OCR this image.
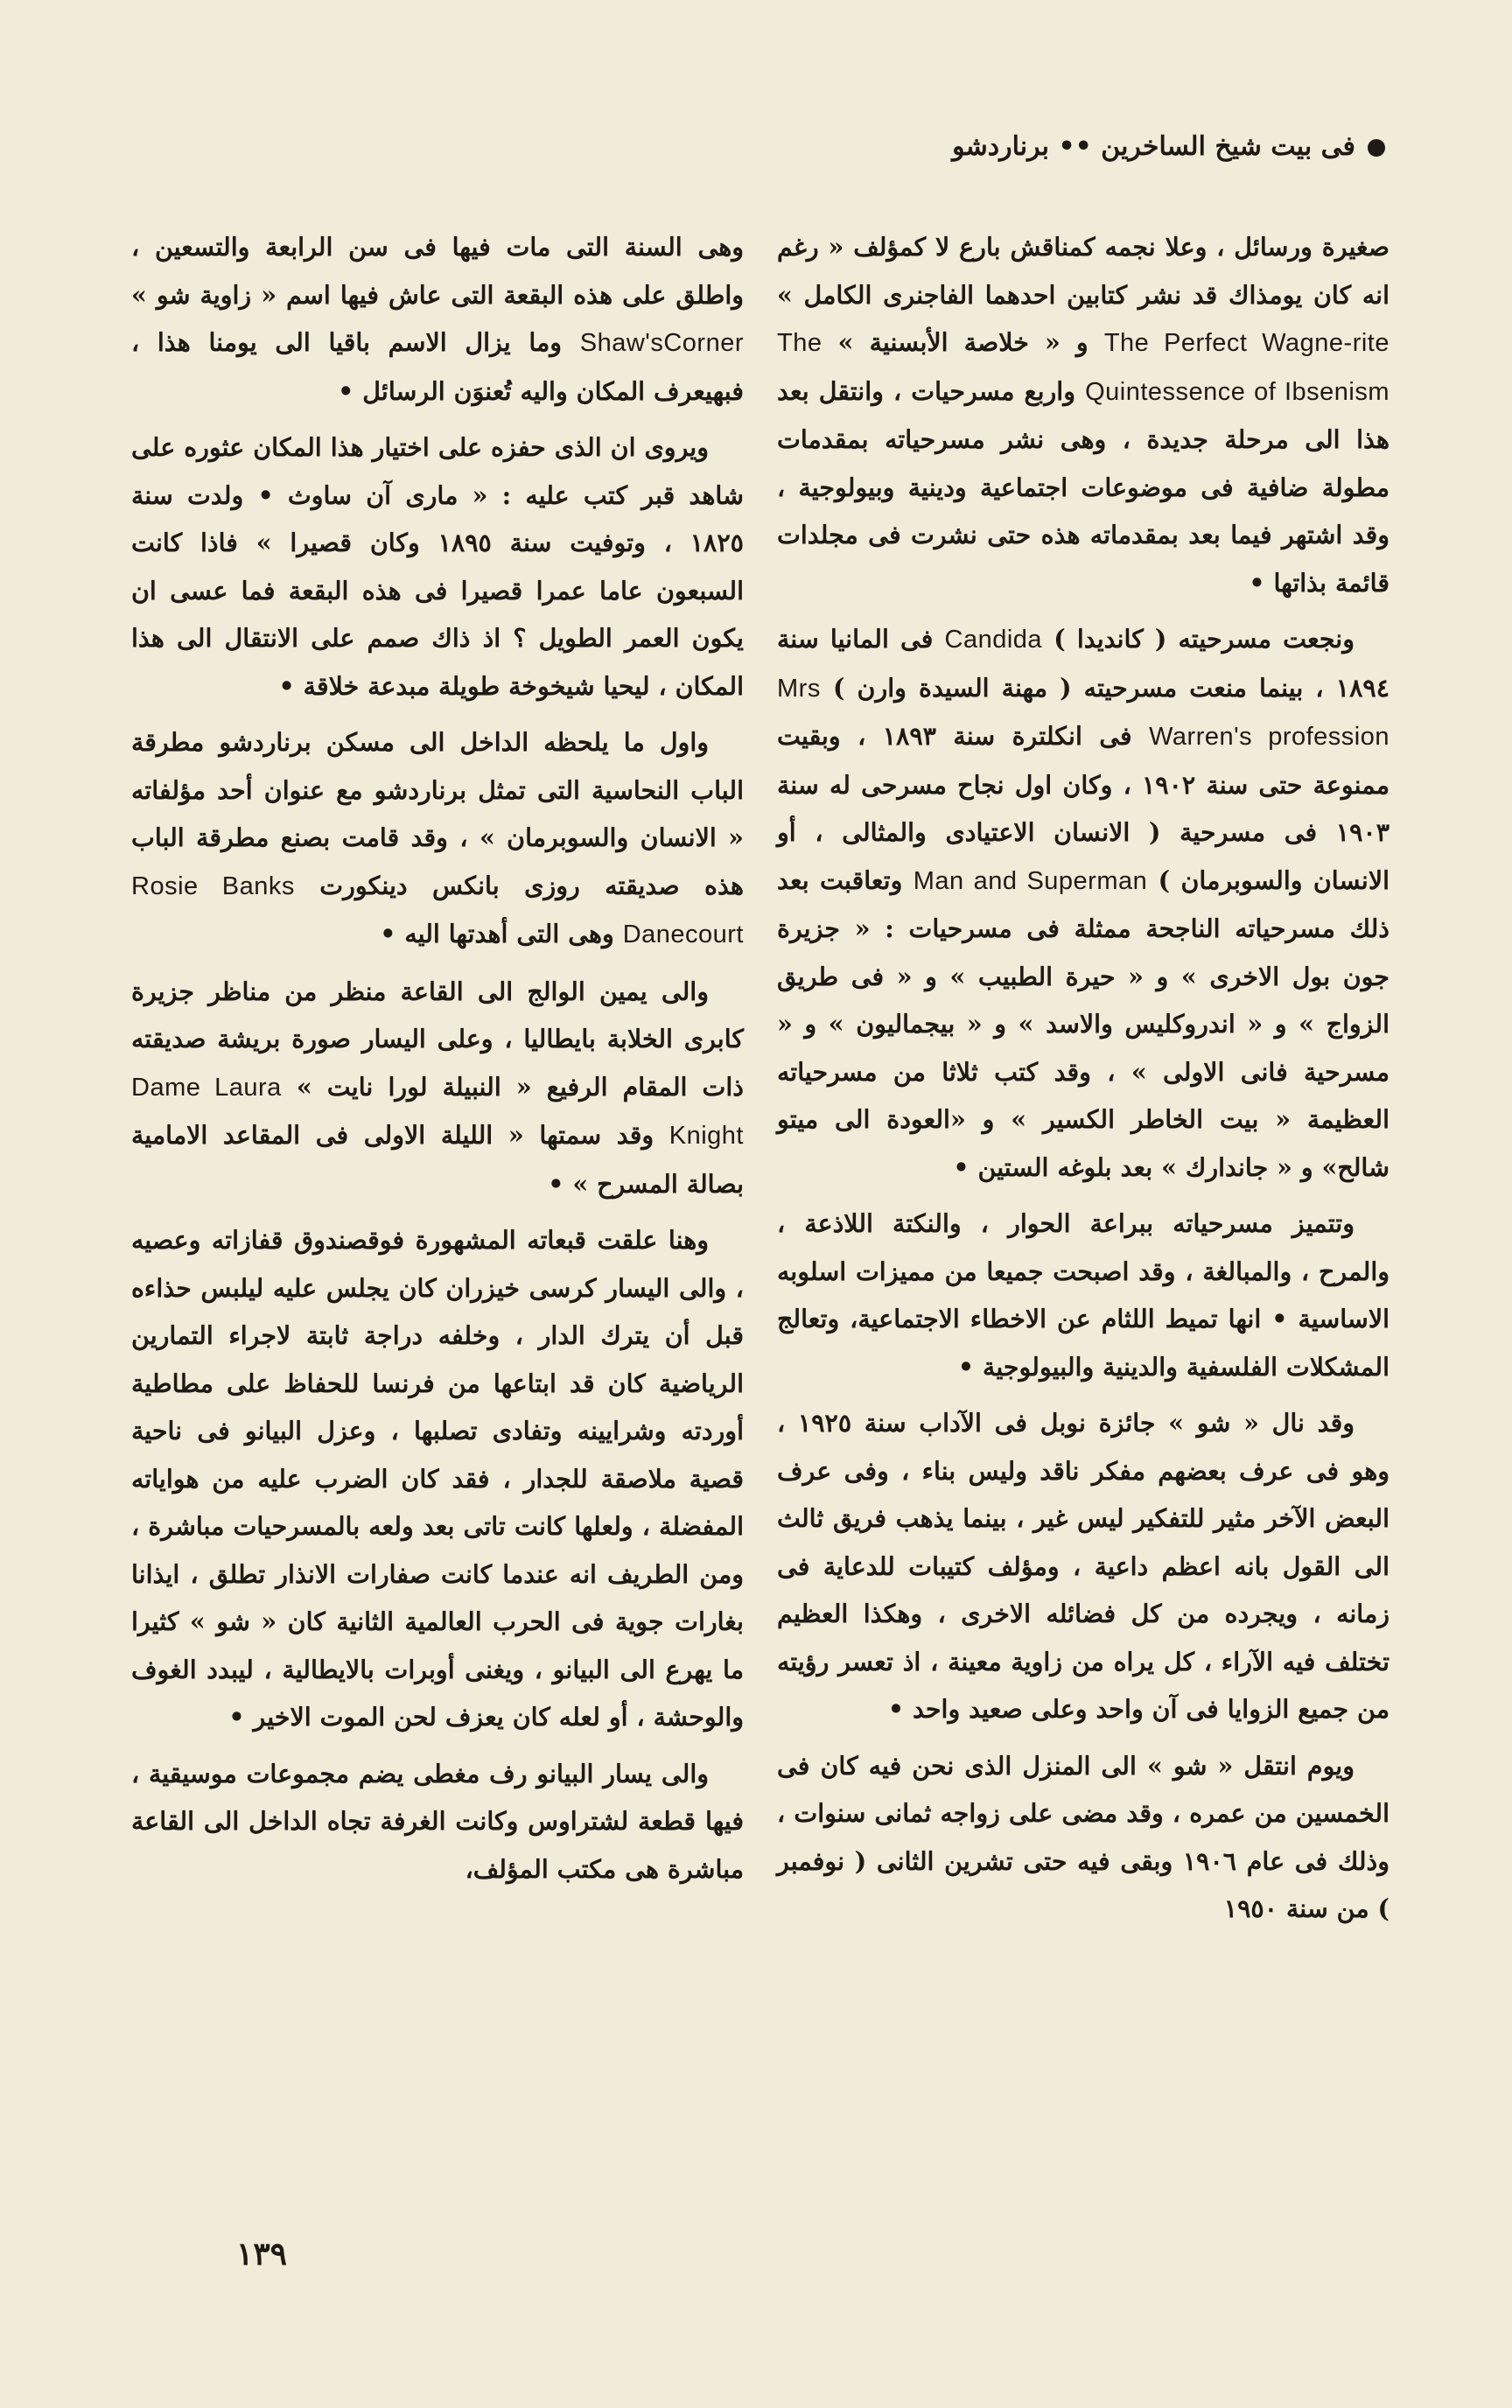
فى بيت شيخ الساخرين •• برناردشو

صغيرة ورسائل ، وعلا نجمه كمناقش بارع لا كمؤلف « رغم انه كان يومذاك قد نشر كتابين احدهما الفاجنرى الكامل » The Perfect Wagne-rite و « خلاصة الأبسنية » The Quintessence of Ibsenism واربع مسرحيات ، وانتقل بعد هذا الى مرحلة جديدة ، وهى نشر مسرحياته بمقدمات مطولة ضافية فى موضوعات اجتماعية ودينية وبيولوجية ، وقد اشتهر فيما بعد بمقدماته هذه حتى نشرت فى مجلدات قائمة بذاتها •

ونجعت مسرحيته ( كانديدا ) Candida فى المانيا سنة ١٨٩٤ ، بينما منعت مسرحيته ( مهنة السيدة وارن ) Mrs Warren's profession فى انكلترة سنة ١٨٩٣ ، وبقيت ممنوعة حتى سنة ١٩٠٢ ، وكان اول نجاح مسرحى له سنة ١٩٠٣ فى مسرحية ( الانسان الاعتيادى والمثالى ، أو الانسان والسوبرمان ) Man and Superman وتعاقبت بعد ذلك مسرحياته الناجحة ممثلة فى مسرحيات : « جزيرة جون بول الاخرى » و « حيرة الطبيب » و « فى طريق الزواج » و « اندروكليس والاسد » و « بيجماليون » و « مسرحية فانى الاولى » ، وقد كتب ثلاثا من مسرحياته العظيمة « بيت الخاطر الكسير » و «العودة الى ميتو شالح» و « جاندارك » بعد بلوغه الستين •

وتتميز مسرحياته ببراعة الحوار ، والنكتة اللاذعة ، والمرح ، والمبالغة ، وقد اصبحت جميعا من مميزات اسلوبه الاساسية • انها تميط اللثام عن الاخطاء الاجتماعية، وتعالج المشكلات الفلسفية والدينية والبيولوجية •

وقد نال « شو » جائزة نوبل فى الآداب سنة ١٩٢٥ ، وهو فى عرف بعضهم مفكر ناقد وليس بناء ، وفى عرف البعض الآخر مثير للتفكير ليس غير ، بينما يذهب فريق ثالث الى القول بانه اعظم داعية ، ومؤلف كتيبات للدعاية فى زمانه ، ويجرده من كل فضائله الاخرى ، وهكذا العظيم تختلف فيه الآراء ، كل يراه من زاوية معينة ، اذ تعسر رؤيته من جميع الزوايا فى آن واحد وعلى صعيد واحد •

ويوم انتقل « شو » الى المنزل الذى نحن فيه كان فى الخمسين من عمره ، وقد مضى على زواجه ثمانى سنوات ، وذلك فى عام ١٩٠٦ وبقى فيه حتى تشرين الثانى ( نوفمبر ) من سنة ١٩٥٠

وهى السنة التى مات فيها فى سن الرابعة والتسعين ، واطلق على هذه البقعة التى عاش فيها اسم « زاوية شو » Shaw'sCorner وما يزال الاسم باقيا الى يومنا هذا ، فبهيعرف المكان واليه تُعنوَن الرسائل •

ويروى ان الذى حفزه على اختيار هذا المكان عثوره على شاهد قبر كتب عليه : « مارى آن ساوث • ولدت سنة ١٨٢٥ ، وتوفيت سنة ١٨٩٥ وكان قصيرا » فاذا كانت السبعون عاما عمرا قصيرا فى هذه البقعة فما عسى ان يكون العمر الطويل ؟ اذ ذاك صمم على الانتقال الى هذا المكان ، ليحيا شيخوخة طويلة مبدعة خلاقة •

واول ما يلحظه الداخل الى مسكن برناردشو مطرقة الباب النحاسية التى تمثل برناردشو مع عنوان أحد مؤلفاته « الانسان والسوبرمان » ، وقد قامت بصنع مطرقة الباب هذه صديقته روزى بانكس دينكورت Rosie Banks Danecourt وهى التى أهدتها اليه •

والى يمين الوالج الى القاعة منظر من مناظر جزيرة كابرى الخلابة بايطاليا ، وعلى اليسار صورة بريشة صديقته ذات المقام الرفيع « النبيلة لورا نايت » Dame Laura Knight وقد سمتها « الليلة الاولى فى المقاعد الامامية بصالة المسرح » •

وهنا علقت قبعاته المشهورة فوقصندوق قفازاته وعصيه ، والى اليسار كرسى خيزران كان يجلس عليه ليلبس حذاءه قبل أن يترك الدار ، وخلفه دراجة ثابتة لاجراء التمارين الرياضية كان قد ابتاعها من فرنسا للحفاظ على مطاطية أوردته وشرايينه وتفادى تصلبها ، وعزل البيانو فى ناحية قصية ملاصقة للجدار ، فقد كان الضرب عليه من هواياته المفضلة ، ولعلها كانت تاتى بعد ولعه بالمسرحيات مباشرة ، ومن الطريف انه عندما كانت صفارات الانذار تطلق ، ايذانا بغارات جوية فى الحرب العالمية الثانية كان « شو » كثيرا ما يهرع الى البيانو ، ويغنى أوبرات بالايطالية ، ليبدد الغوف والوحشة ، أو لعله كان يعزف لحن الموت الاخير •

والى يسار البيانو رف مغطى يضم مجموعات موسيقية ، فيها قطعة لشتراوس وكانت الغرفة تجاه الداخل الى القاعة مباشرة هى مكتب المؤلف،

١٣٩
